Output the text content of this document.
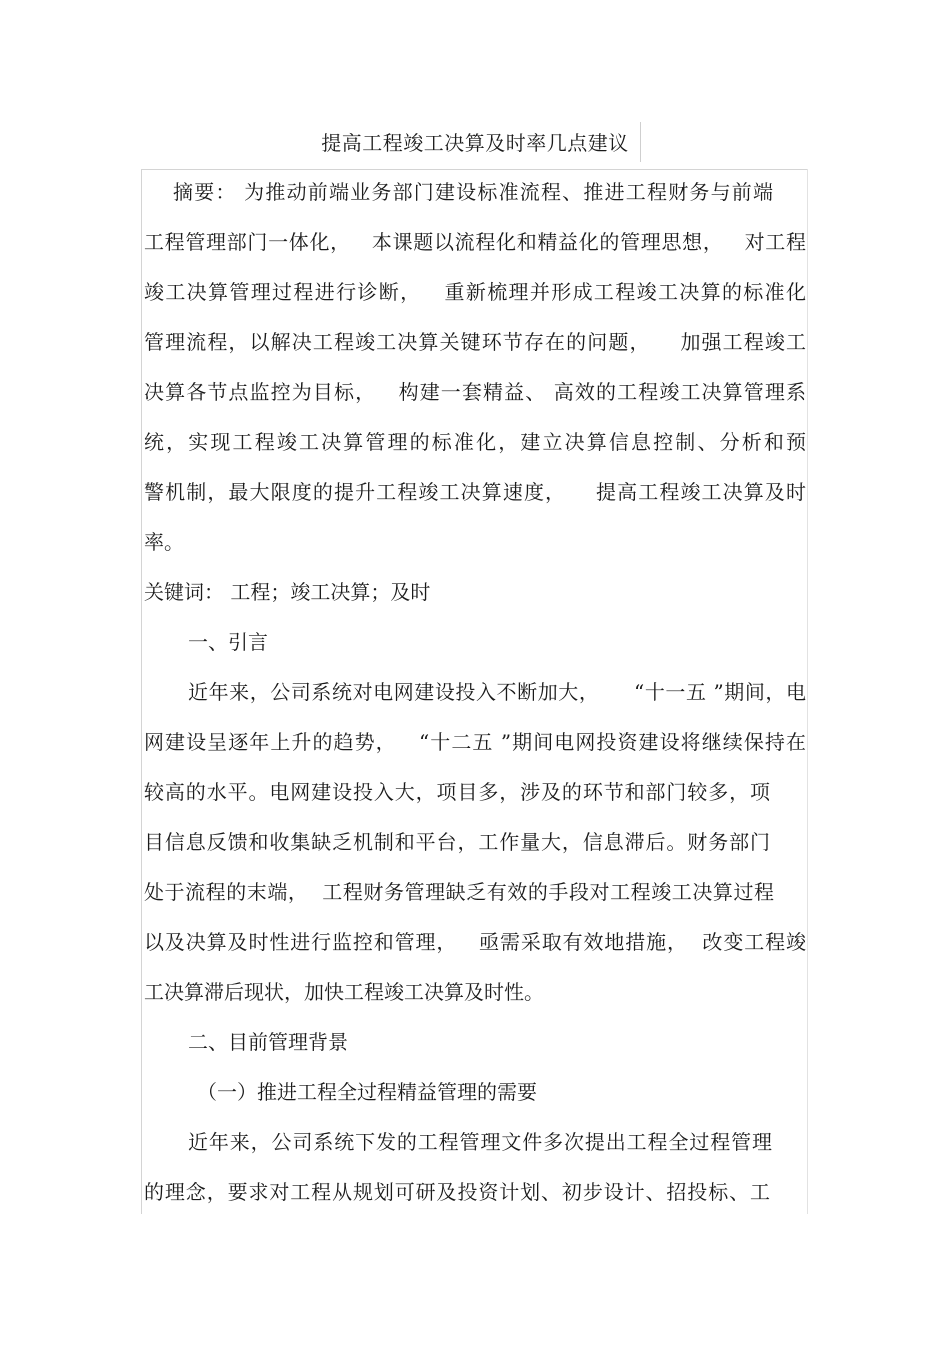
提高工程竣工决算及时率几点建议
摘要： 为推动前端业务部门建设标准流程、推进工程财务与前端
工程管理部门一体化，   本课题以流程化和精益化的管理思想，   对工程
竣工决算管理过程进行诊断，   重新梳理并形成工程竣工决算的标准化
管理流程，以解决工程竣工决算关键环节存在的问题，    加强工程竣工
决算各节点监控为目标，   构建一套精益、 高效的工程竣工决算管理系
统，实现工程竣工决算管理的标准化，建立决算信息控制、分析和预
警机制，最大限度的提升工程竣工决算速度，    提高工程竣工决算及时
率。
关键词： 工程；竣工决算；及时
一、引言
近年来，公司系统对电网建设投入不断加大，     “十一五 ”期间，电
网建设呈逐年上升的趋势，   “十二五 ”期间电网投资建设将继续保持在
较高的水平。电网建设投入大，项目多，涉及的环节和部门较多，项
目信息反馈和收集缺乏机制和平台，工作量大，信息滞后。财务部门
处于流程的末端，  工程财务管理缺乏有效的手段对工程竣工决算过程
以及决算及时性进行监控和管理，   亟需采取有效地措施，  改变工程竣
工决算滞后现状，加快工程竣工决算及时性。
二、目前管理背景
（一）推进工程全过程精益管理的需要
近年来，公司系统下发的工程管理文件多次提出工程全过程管理
的理念，要求对工程从规划可研及投资计划、初步设计、招投标、工
